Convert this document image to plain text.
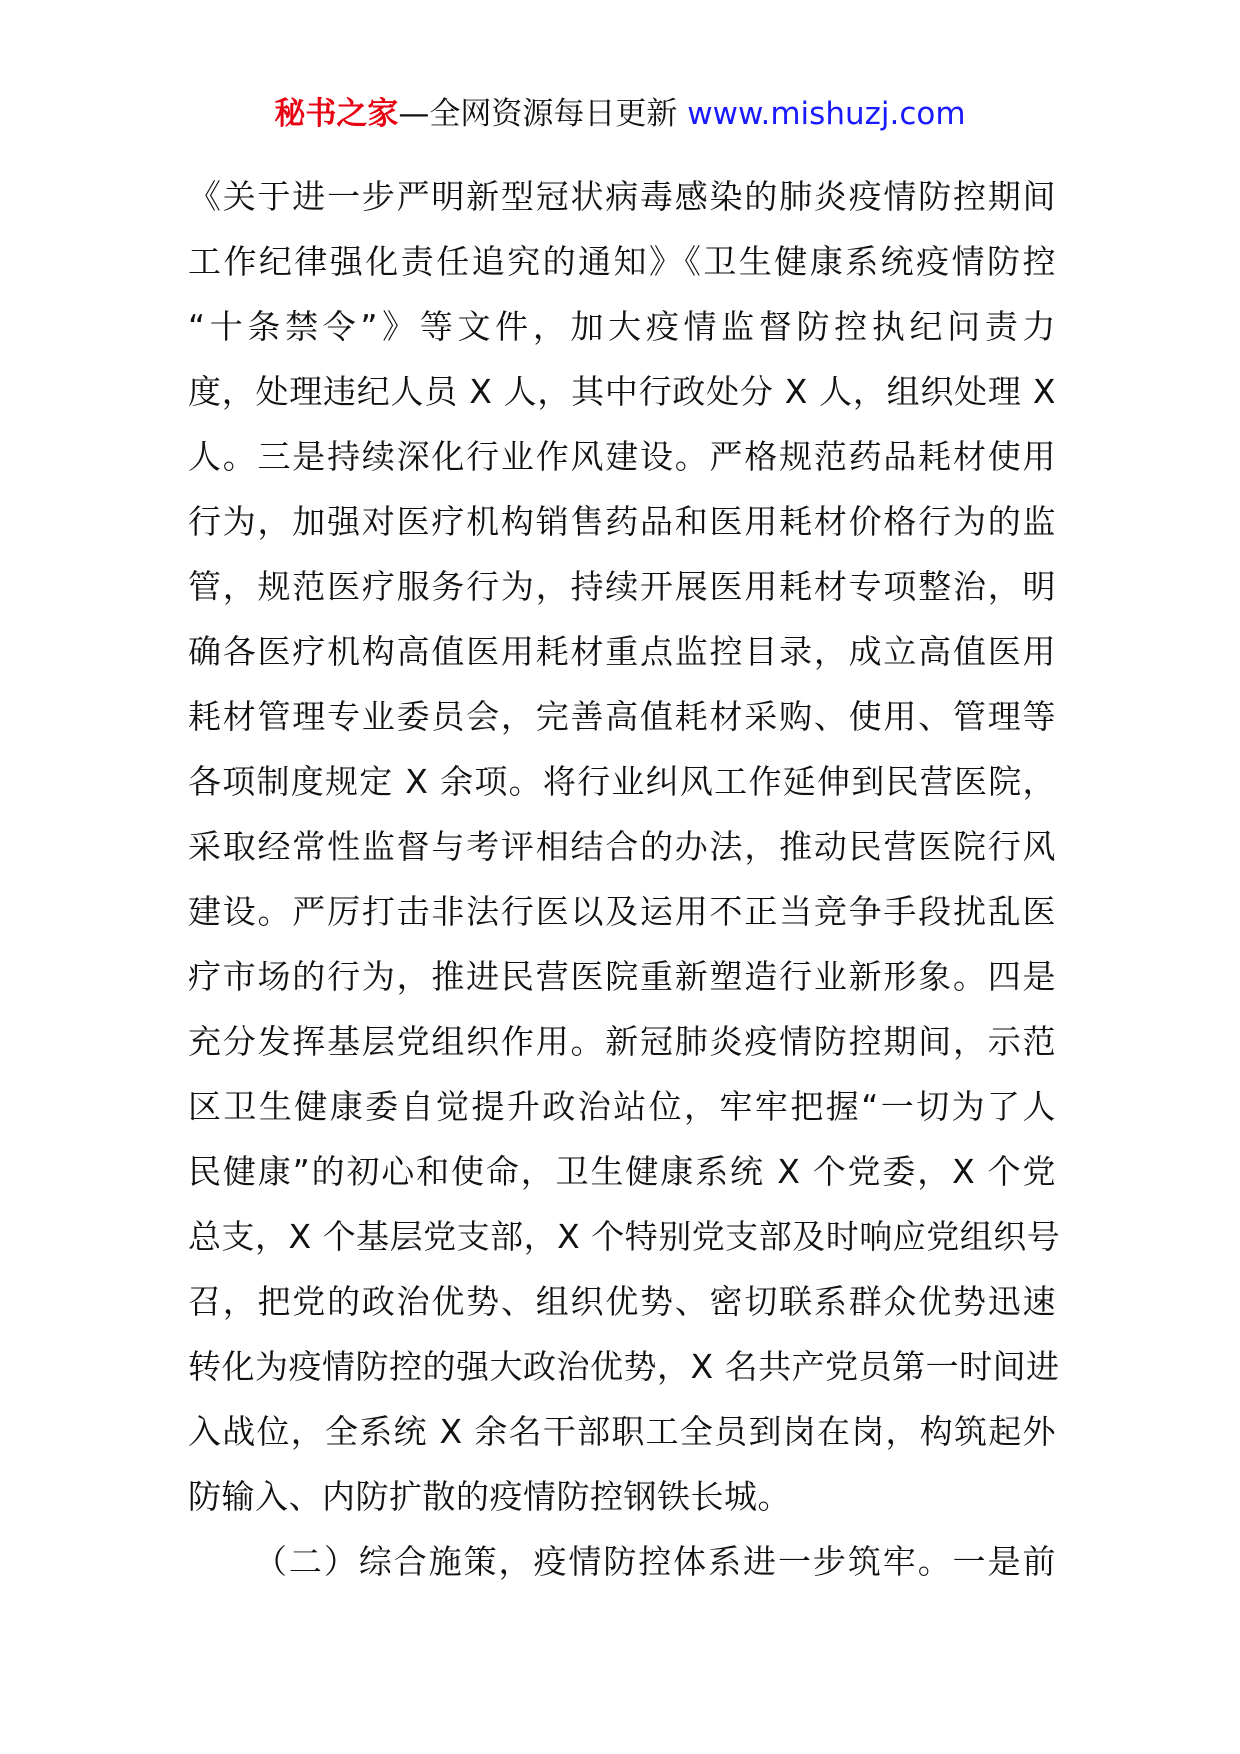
秘书之家—全网资源每日更新 www.mishuzj.com
《关于进一步严明新型冠状病毒感染的肺炎疫情防控期间
工作纪律强化责任追究的通知》《卫生健康系统疫情防控
“十条禁令”》等文件，加大疫情监督防控执纪问责力
度，处理违纪人员 X 人，其中行政处分 X 人，组织处理 X
人。三是持续深化行业作风建设。严格规范药品耗材使用
行为，加强对医疗机构销售药品和医用耗材价格行为的监
管，规范医疗服务行为，持续开展医用耗材专项整治，明
确各医疗机构高值医用耗材重点监控目录，成立高值医用
耗材管理专业委员会，完善高值耗材采购、使用、管理等
各项制度规定 X 余项。将行业纠风工作延伸到民营医院，
采取经常性监督与考评相结合的办法，推动民营医院行风
建设。严厉打击非法行医以及运用不正当竞争手段扰乱医
疗市场的行为，推进民营医院重新塑造行业新形象。四是
充分发挥基层党组织作用。新冠肺炎疫情防控期间，示范
区卫生健康委自觉提升政治站位，牢牢把握“一切为了人
民健康”的初心和使命，卫生健康系统 X 个党委，X 个党
总支，X 个基层党支部，X 个特别党支部及时响应党组织号
召，把党的政治优势、组织优势、密切联系群众优势迅速
转化为疫情防控的强大政治优势，X 名共产党员第一时间进
入战位，全系统 X 余名干部职工全员到岗在岗，构筑起外
防输入、内防扩散的疫情防控钢铁长城。
（二）综合施策，疫情防控体系进一步筑牢。一是前
